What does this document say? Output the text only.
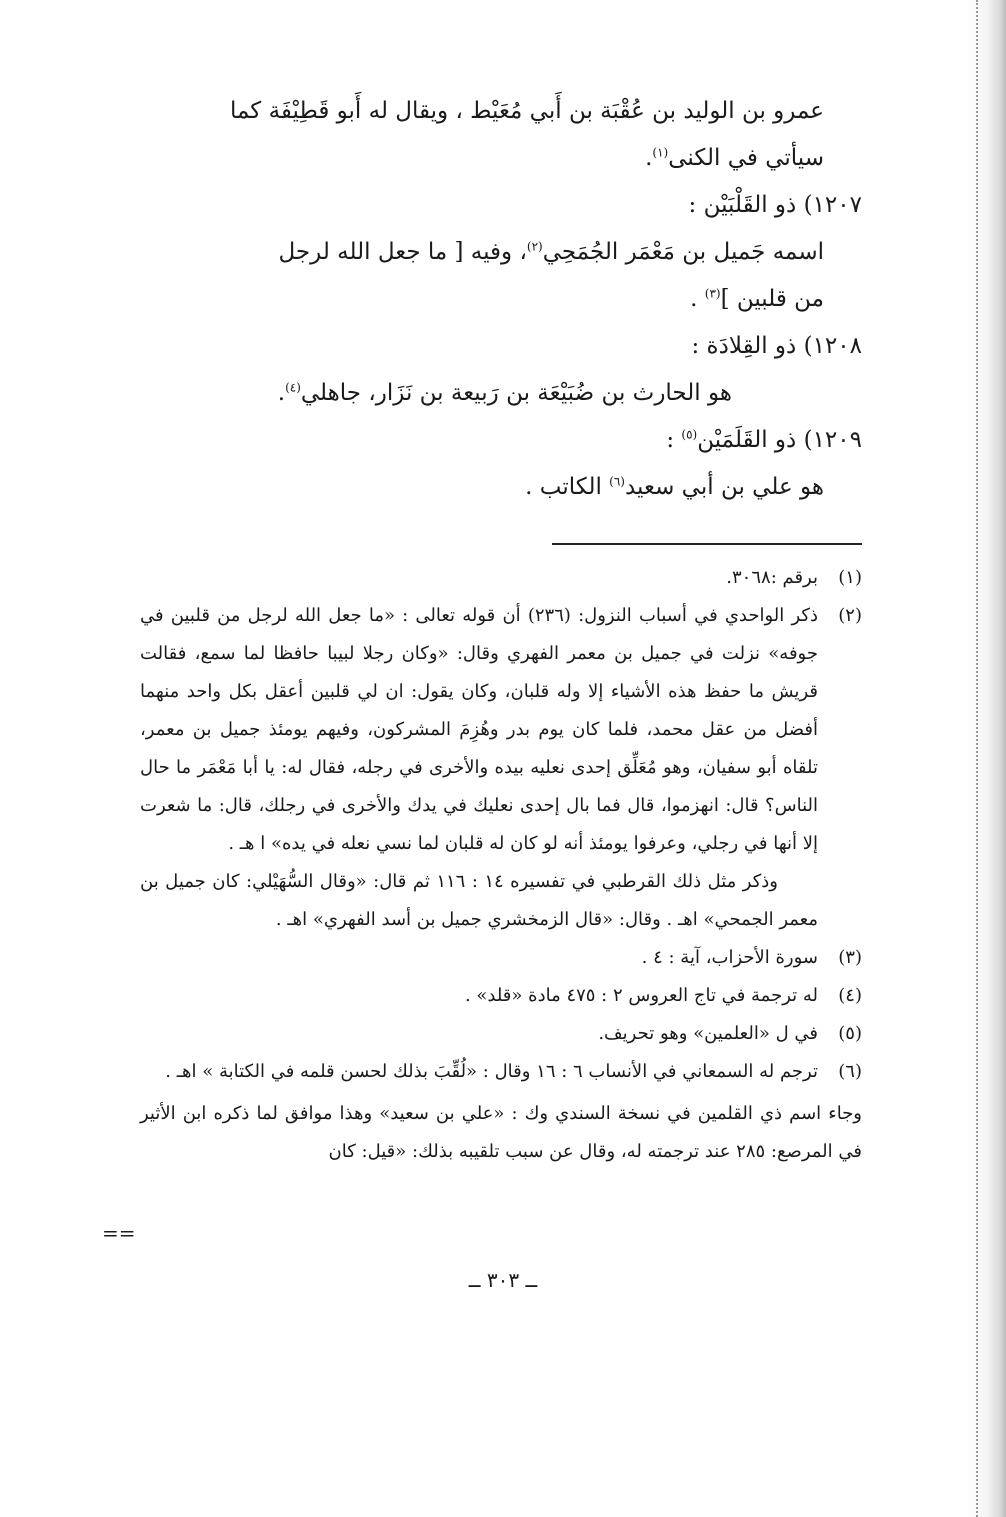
عمرو بن الوليد بن عُقْبَة بن أَبي مُعَيْط ، ويقال له أَبو قَطِيْفَة كما
سيأتي في الكنى$^{(١)}$.

١٢٠٧) ذو القَلْبَيْن :

اسمه جَميل بن مَعْمَر الجُمَحِي$^{(٢)}$، وفيه [ ما جعل الله لرجل
من قلبين ]$^{(٣)}$ .

١٢٠٨) ذو القِلادَة :

هو الحارث بن ضُبَيْعَة بن رَبيعة بن نَزَار، جاهلي$^{(٤)}$.

١٢٠٩) ذو القَلَمَيْن$^{(٥)}$ :

هو علي بن أبي سعيد$^{(٦)}$ الكاتب .

(١)
برقم :٣٠٦٨.
(٢)
ذكر الواحدي في أسباب النزول: (٢٣٦) أن قوله تعالى : «ما جعل الله لرجل من قلبين في جوفه» نزلت في جميل بن معمر الفهري وقال: «وكان رجلا لبيبا حافظا لما سمع، فقالت قريش ما حفظ هذه الأشياء إلا وله قلبان، وكان يقول: ان لي قلبين أعقل بكل واحد منهما أفضل من عقل محمد، فلما كان يوم بدر وهُزِمَ المشركون، وفيهم يومئذ جميل بن معمر، تلقاه أبو سفيان، وهو مُعَلِّق إحدى نعليه بيده والأخرى في رجله، فقال له: يا أبا مَعْمَر ما حال الناس؟ قال: انهزموا، قال فما بال إحدى نعليك في يدك والأخرى في رجلك، قال: ما شعرت إلا أنها في رجلي، وعرفوا يومئذ أنه لو كان له قلبان لما نسي نعله في يده» ا هـ .
وذكر مثل ذلك القرطبي في تفسيره ١٤ : ١١٦ ثم قال: «وقال السُّهَيْلي: كان جميل بن معمر الجمحي» اهـ . وقال: «قال الزمخشري جميل بن أسد الفهري» اهـ .
(٣)
سورة الأحزاب، آية : ٤ .
(٤)
له ترجمة في تاج العروس ٢ : ٤٧٥ مادة «قلد» .
(٥)
في ل «العلمين» وهو تحريف.
(٦)
ترجم له السمعاني في الأنساب ٦ : ١٦ وقال : «لُقِّبَ بذلك لحسن قلمه في الكتابة » اهـ .
وجاء اسم ذي القلمين في نسخة السندي وك : «علي بن سعيد» وهذا موافق لما ذكره ابن الأثير في المرصع: ٢٨٥ عند ترجمته له، وقال عن سبب تلقيبه بذلك: «قيل: كان
==
ــ ٣٠٣ ــ
